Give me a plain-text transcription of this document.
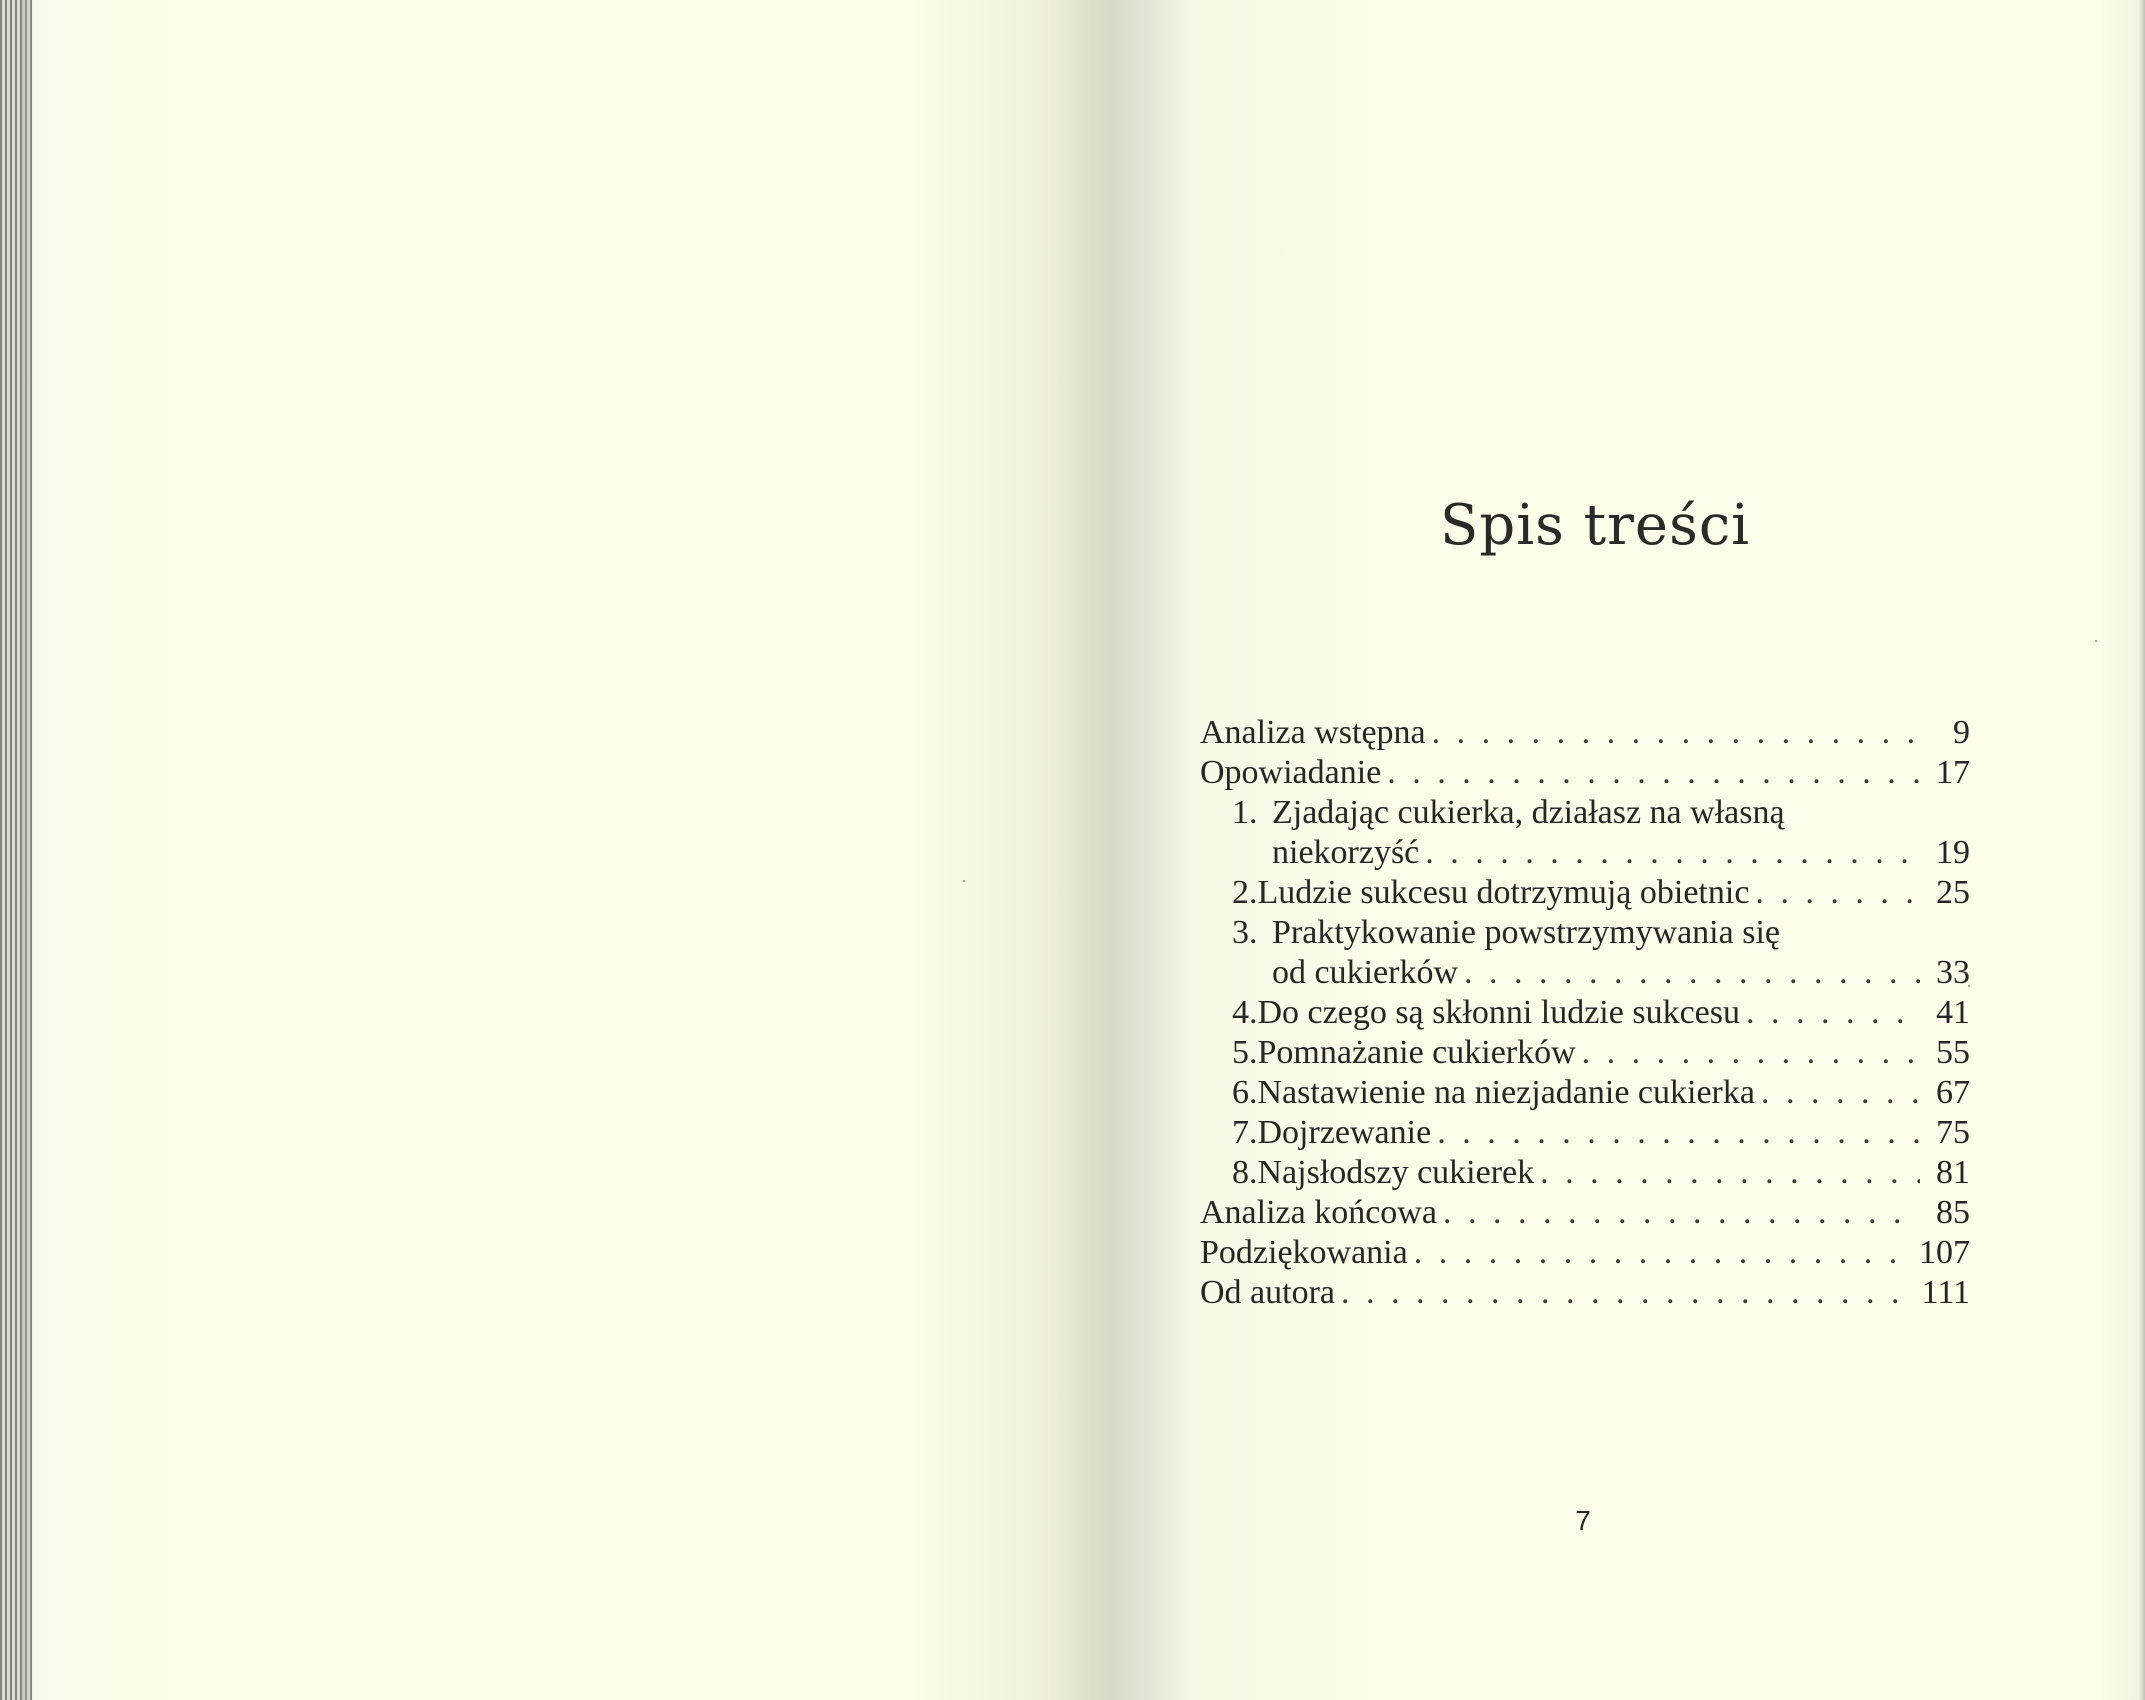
Spis treści
Analiza wstępna . . .	9
Opowiadanie . . .	17
1. Zjadając cukierka, działasz na własną
niekorzyść . . .	19
2. Ludzie sukcesu dotrzymują obietnic . . .	25
3. Praktykowanie powstrzymywania się
od cukierków . . .	33
4. Do czego są skłonni ludzie sukcesu . . .	41
5. Pomnażanie cukierków . . .	55
6. Nastawienie na niezjadanie cukierka . . .	67
7. Dojrzewanie . . .	75
8. Najsłodszy cukierek . . .	81
Analiza końcowa . . .	85
Podziękowania . . .	107
Od autora . . .	111
7
